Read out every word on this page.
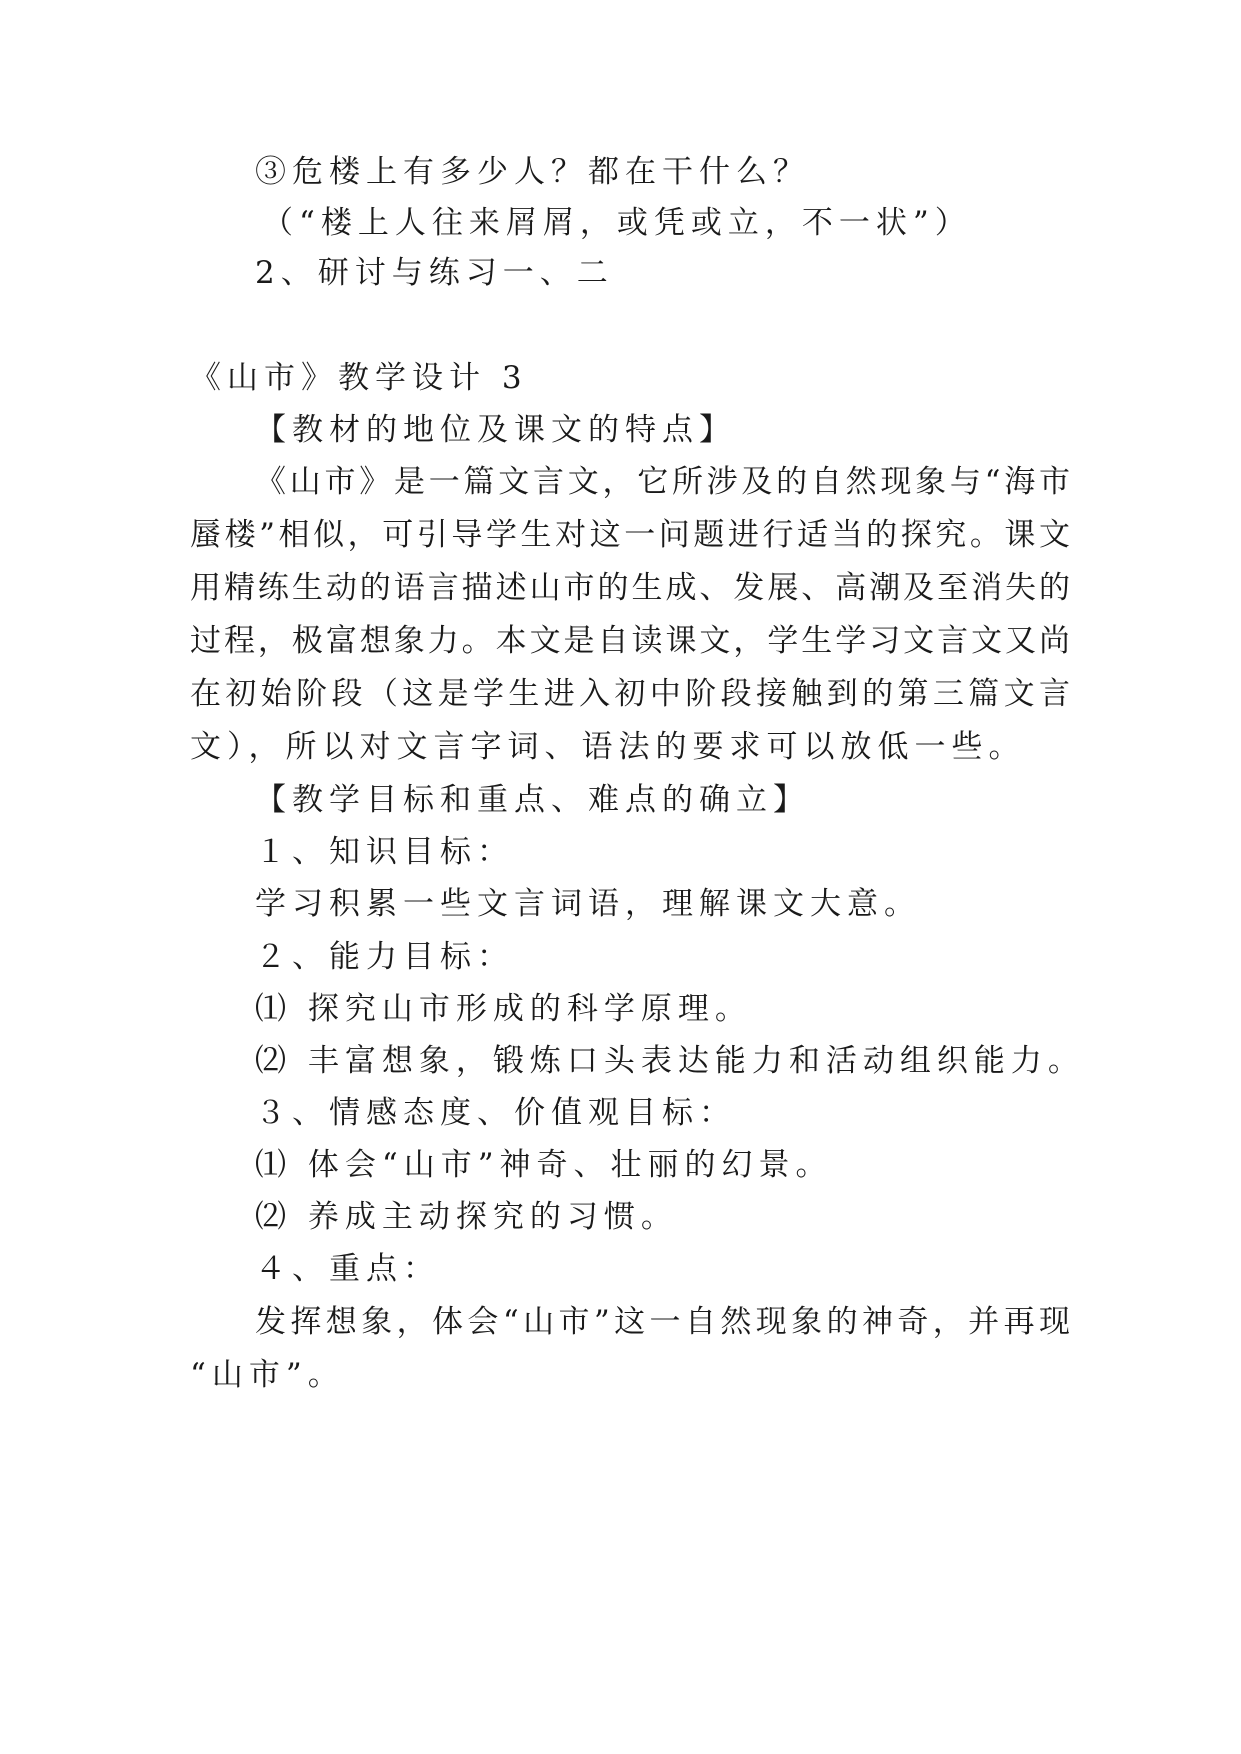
③危楼上有多少人？都在干什么？
（“楼上人往来屑屑，或凭或立，不一状”）
2、研讨与练习一、二
《山市》教学设计 3
【教材的地位及课文的特点】
《山市》是一篇文言文，它所涉及的自然现象与“海市
蜃楼”相似，可引导学生对这一问题进行适当的探究。课文
用精练生动的语言描述山市的生成、发展、高潮及至消失的
过程，极富想象力。本文是自读课文，学生学习文言文又尚
在初始阶段（这是学生进入初中阶段接触到的第三篇文言
文），所以对文言字词、语法的要求可以放低一些。
【教学目标和重点、难点的确立】
１、知识目标：
学习积累一些文言词语，理解课文大意。
２、能力目标：
⑴ 探究山市形成的科学原理。
⑵ 丰富想象，锻炼口头表达能力和活动组织能力。
３、情感态度、价值观目标：
⑴ 体会“山市”神奇、壮丽的幻景。
⑵ 养成主动探究的习惯。
４、重点：
发挥想象，体会“山市”这一自然现象的神奇，并再现
“山市”。
